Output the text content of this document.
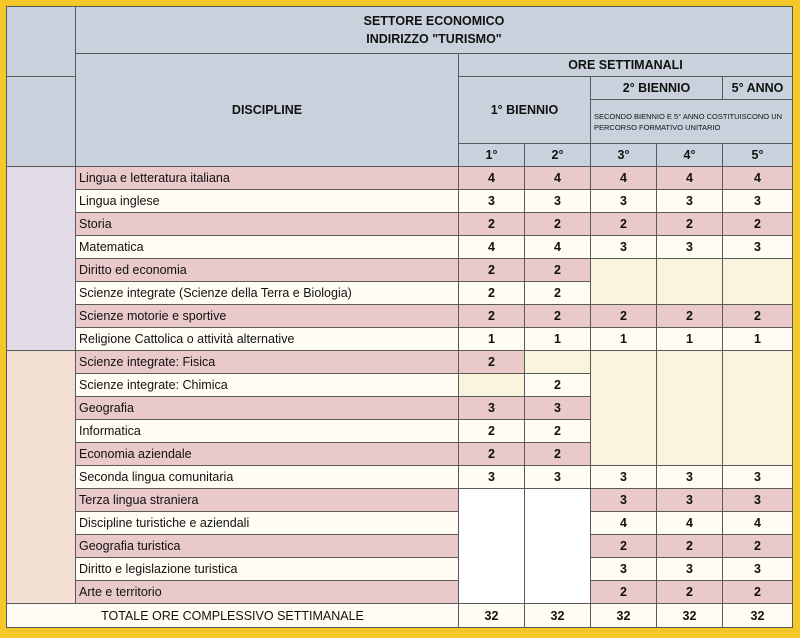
	SETTORE ECONOMICO
INDIRIZZO "TURISMO"					

	DISCIPLINE	ORE SETTIMANALI				
		1° BIENNIO		2° BIENNIO		5° ANNO
				SECONDO BIENNIO E 5° ANNO COSTITUISCONO UN PERCORSO FORMATIVO UNITARIO		
		1°	2°	3°	4°	5°
	Lingua e letteratura italiana	4	4	4	4	4
	Lingua inglese	3	3	3	3	3
	Storia	2	2	2	2	2
	Matematica	4	4	3	3	3
	Diritto ed economia	2	2			
	Scienze integrate (Scienze della Terra e Biologia)	2	2			
	Scienze motorie e sportive	2	2	2	2	2
	Religione Cattolica o attività alternative	1	1	1	1	1
	Scienze integrate: Fisica	2				
	Scienze integrate: Chimica		2			
	Geografia	3	3			
	Informatica	2	2			
	Economia aziendale	2	2			
	Seconda lingua comunitaria	3	3	3	3	3
	Terza lingua straniera			3	3	3
	Discipline turistiche e aziendali			4	4	4
	Geografia turistica			2	2	2
	Diritto e legislazione turistica			3	3	3
	Arte e territorio			2	2	2
TOTALE ORE COMPLESSIVO SETTIMANALE		32	32	32	32	32
